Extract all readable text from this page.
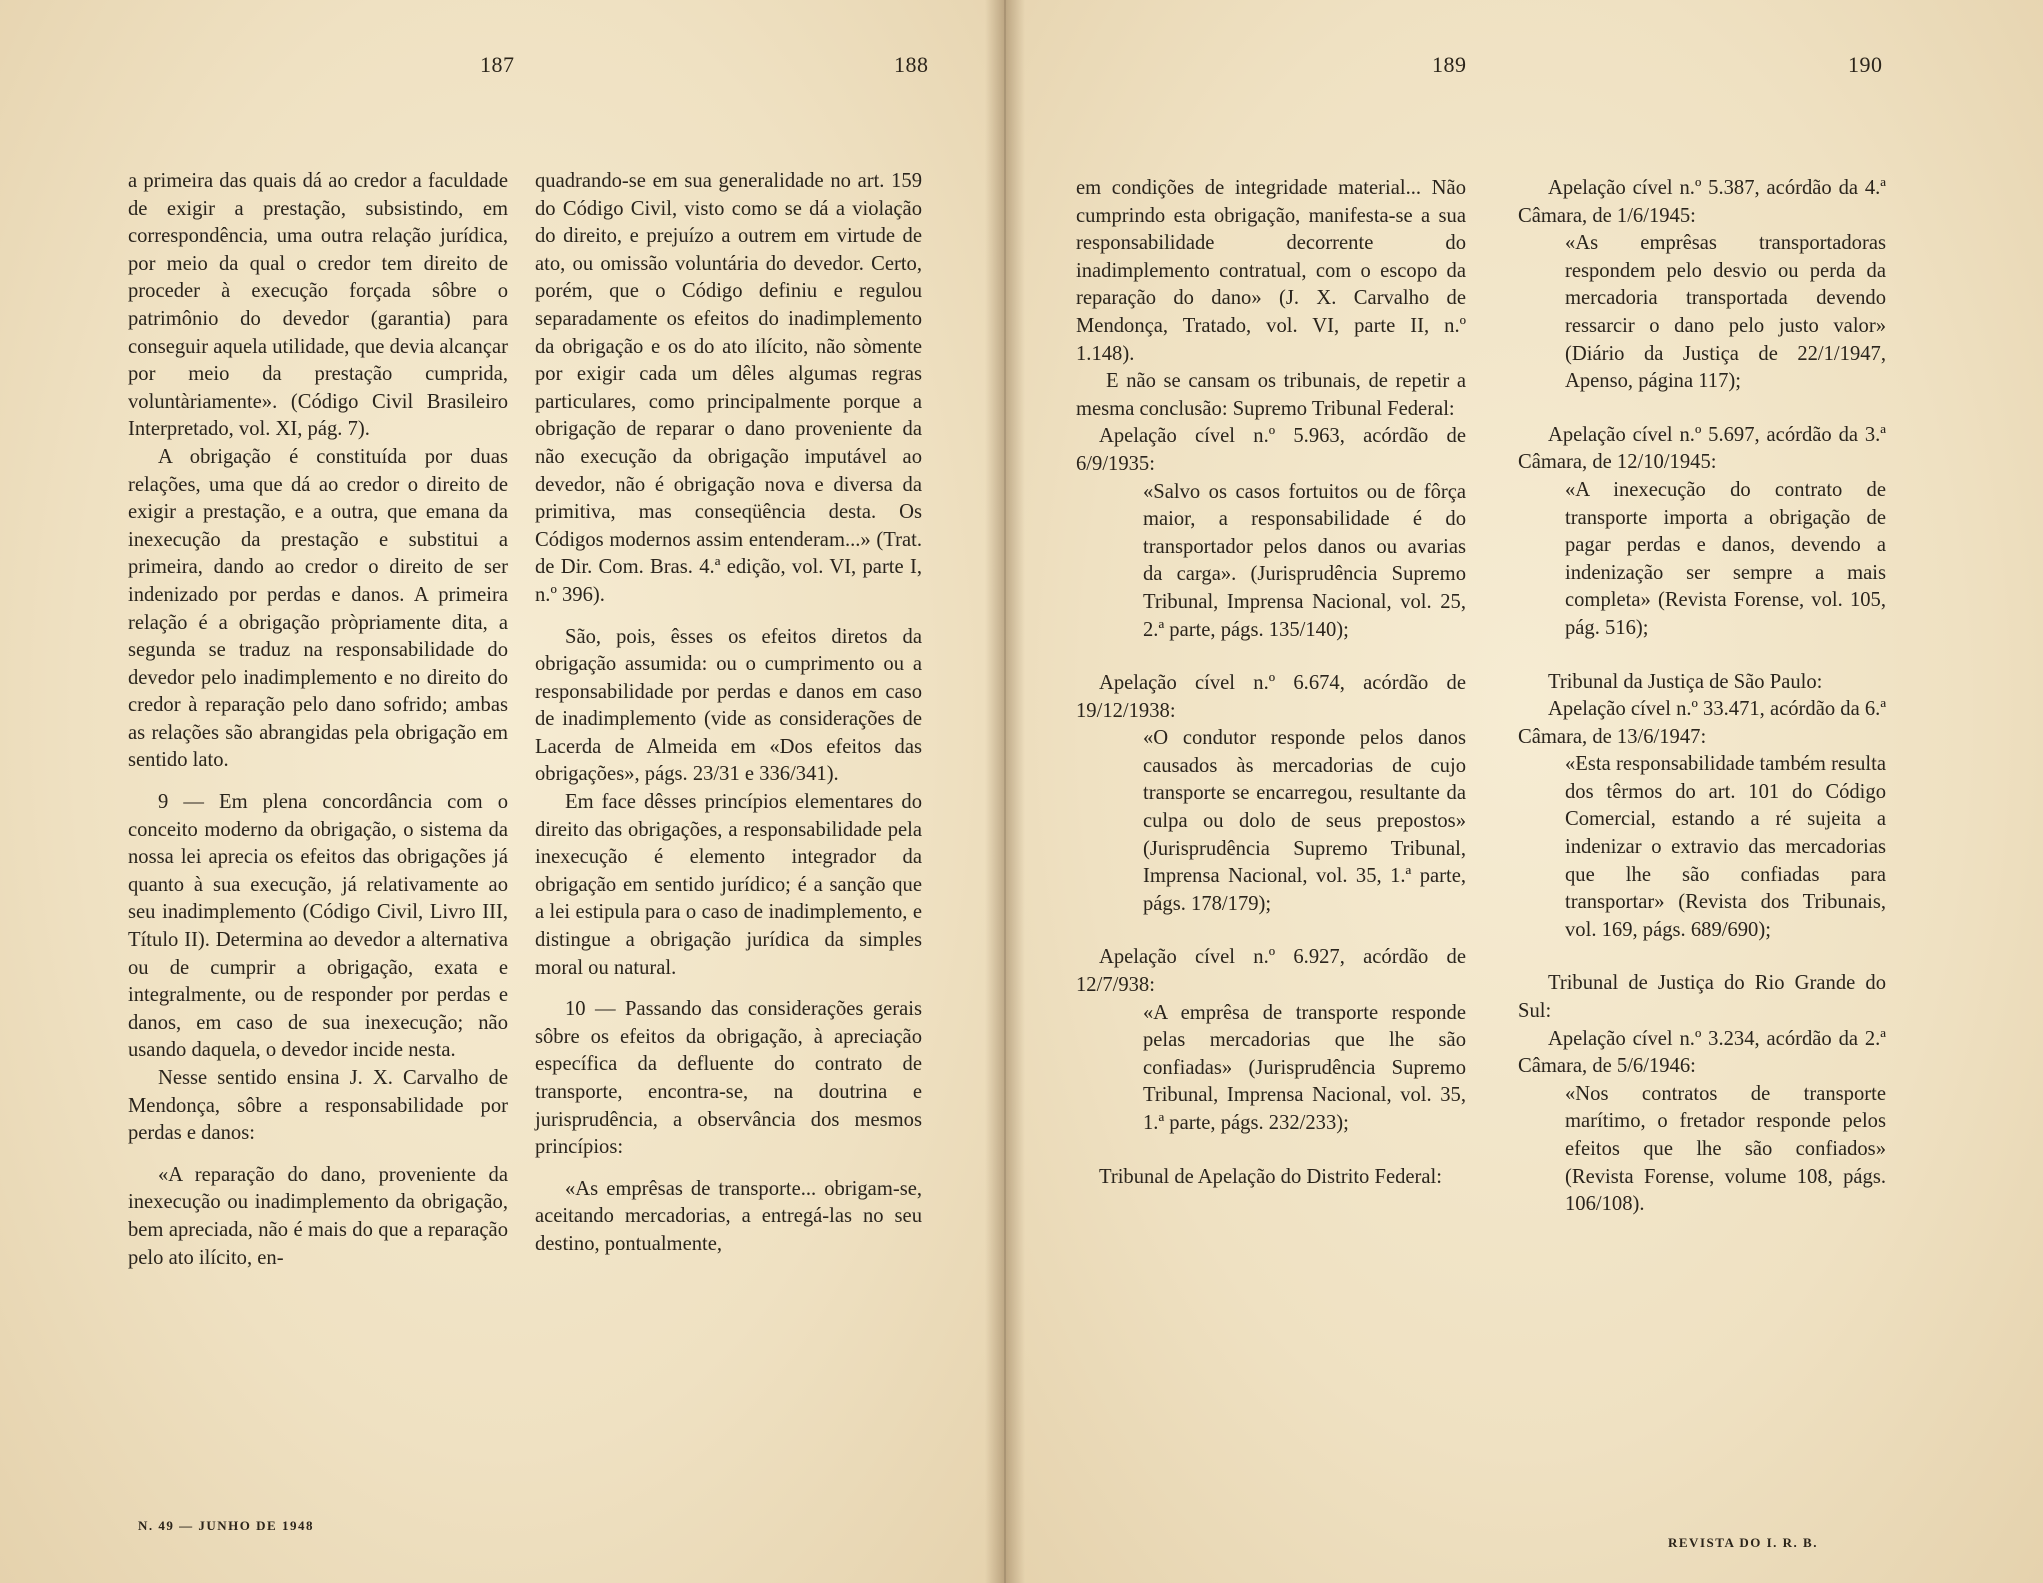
187	188	189	190

a primeira das quais dá ao credor a faculdade de exigir a prestação, subsistindo, em correspondência, uma outra relação jurídica, por meio da qual o credor tem direito de proceder à execução forçada sôbre o patrimônio do devedor (garantia) para conseguir aquela utilidade, que devia alcançar por meio da prestação cumprida, voluntàriamente». (Código Civil Brasileiro Interpretado, vol. XI, pág. 7).

A obrigação é constituída por duas relações, uma que dá ao credor o direito de exigir a prestação, e a outra, que emana da inexecução da prestação e substitui a primeira, dando ao credor o direito de ser indenizado por perdas e danos. A primeira relação é a obrigação pròpriamente dita, a segunda se traduz na responsabilidade do devedor pelo inadimplemento e no direito do credor à reparação pelo dano sofrido; ambas as relações são abrangidas pela obrigação em sentido lato.

9 — Em plena concordância com o conceito moderno da obrigação, o sistema da nossa lei aprecia os efeitos das obrigações já quanto à sua execução, já relativamente ao seu inadimplemento (Código Civil, Livro III, Título II). Determina ao devedor a alternativa ou de cumprir a obrigação, exata e integralmente, ou de responder por perdas e danos, em caso de sua inexecução; não usando daquela, o devedor incide nesta.

Nesse sentido ensina J. X. Carvalho de Mendonça, sôbre a responsabilidade por perdas e danos:

«A reparação do dano, proveniente da inexecução ou inadimplemento da obrigação, bem apreciada, não é mais do que a reparação pelo ato ilícito, en-

quadrando-se em sua generalidade no art. 159 do Código Civil, visto como se dá a violação do direito, e prejuízo a outrem em virtude de ato, ou omissão voluntária do devedor. Certo, porém, que o Código definiu e regulou separadamente os efeitos do inadimplemento da obrigação e os do ato ilícito, não sòmente por exigir cada um dêles algumas regras particulares, como principalmente porque a obrigação de reparar o dano proveniente da não execução da obrigação imputável ao devedor, não é obrigação nova e diversa da primitiva, mas conseqüência desta. Os Códigos modernos assim entenderam...» (Trat. de Dir. Com. Bras. 4.ª edição, vol. VI, parte I, n.º 396).

São, pois, êsses os efeitos diretos da obrigação assumida: ou o cumprimento ou a responsabilidade por perdas e danos em caso de inadimplemento (vide as considerações de Lacerda de Almeida em «Dos efeitos das obrigações», págs. 23/31 e 336/341).

Em face dêsses princípios elementares do direito das obrigações, a responsabilidade pela inexecução é elemento integrador da obrigação em sentido jurídico; é a sanção que a lei estipula para o caso de inadimplemento, e distingue a obrigação jurídica da simples moral ou natural.

10 — Passando das considerações gerais sôbre os efeitos da obrigação, à apreciação específica da defluente do contrato de transporte, encontra-se, na doutrina e jurisprudência, a observância dos mesmos princípios:

«As emprêsas de transporte... obrigam-se, aceitando mercadorias, a entregá-las no seu destino, pontualmente,

em condições de integridade material... Não cumprindo esta obrigação, manifesta-se a sua responsabilidade decorrente do inadimplemento contratual, com o escopo da reparação do dano» (J. X. Carvalho de Mendonça, Tratado, vol. VI, parte II, n.º 1.148).

E não se cansam os tribunais, de repetir a mesma conclusão: Supremo Tribunal Federal:

Apelação cível n.º 5.963, acórdão de 6/9/1935:

«Salvo os casos fortuitos ou de fôrça maior, a responsabilidade é do transportador pelos danos ou avarias da carga». (Jurisprudência Supremo Tribunal, Imprensa Nacional, vol. 25, 2.ª parte, págs. 135/140);

Apelação cível n.º 6.674, acórdão de 19/12/1938:

«O condutor responde pelos danos causados às mercadorias de cujo transporte se encarregou, resultante da culpa ou dolo de seus prepostos» (Jurisprudência Supremo Tribunal, Imprensa Nacional, vol. 35, 1.ª parte, págs. 178/179);

Apelação cível n.º 6.927, acórdão de 12/7/938:

«A emprêsa de transporte responde pelas mercadorias que lhe são confiadas» (Jurisprudência Supremo Tribunal, Imprensa Nacional, vol. 35, 1.ª parte, págs. 232/233);

Tribunal de Apelação do Distrito Federal:

Apelação cível n.º 5.387, acórdão da 4.ª Câmara, de 1/6/1945:

«As emprêsas transportadoras respondem pelo desvio ou perda da mercadoria transportada devendo ressarcir o dano pelo justo valor» (Diário da Justiça de 22/1/1947, Apenso, página 117);

Apelação cível n.º 5.697, acórdão da 3.ª Câmara, de 12/10/1945:

«A inexecução do contrato de transporte importa a obrigação de pagar perdas e danos, devendo a indenização ser sempre a mais completa» (Revista Forense, vol. 105, pág. 516);

Tribunal da Justiça de São Paulo:

Apelação cível n.º 33.471, acórdão da 6.ª Câmara, de 13/6/1947:

«Esta responsabilidade também resulta dos têrmos do art. 101 do Código Comercial, estando a ré sujeita a indenizar o extravio das mercadorias que lhe são confiadas para transportar» (Revista dos Tribunais, vol. 169, págs. 689/690);

Tribunal de Justiça do Rio Grande do Sul:

Apelação cível n.º 3.234, acórdão da 2.ª Câmara, de 5/6/1946:

«Nos contratos de transporte marítimo, o fretador responde pelos efeitos que lhe são confiados» (Revista Forense, volume 108, págs. 106/108).

N. 49 — JUNHO DE 1948
REVISTA DO I. R. B.
